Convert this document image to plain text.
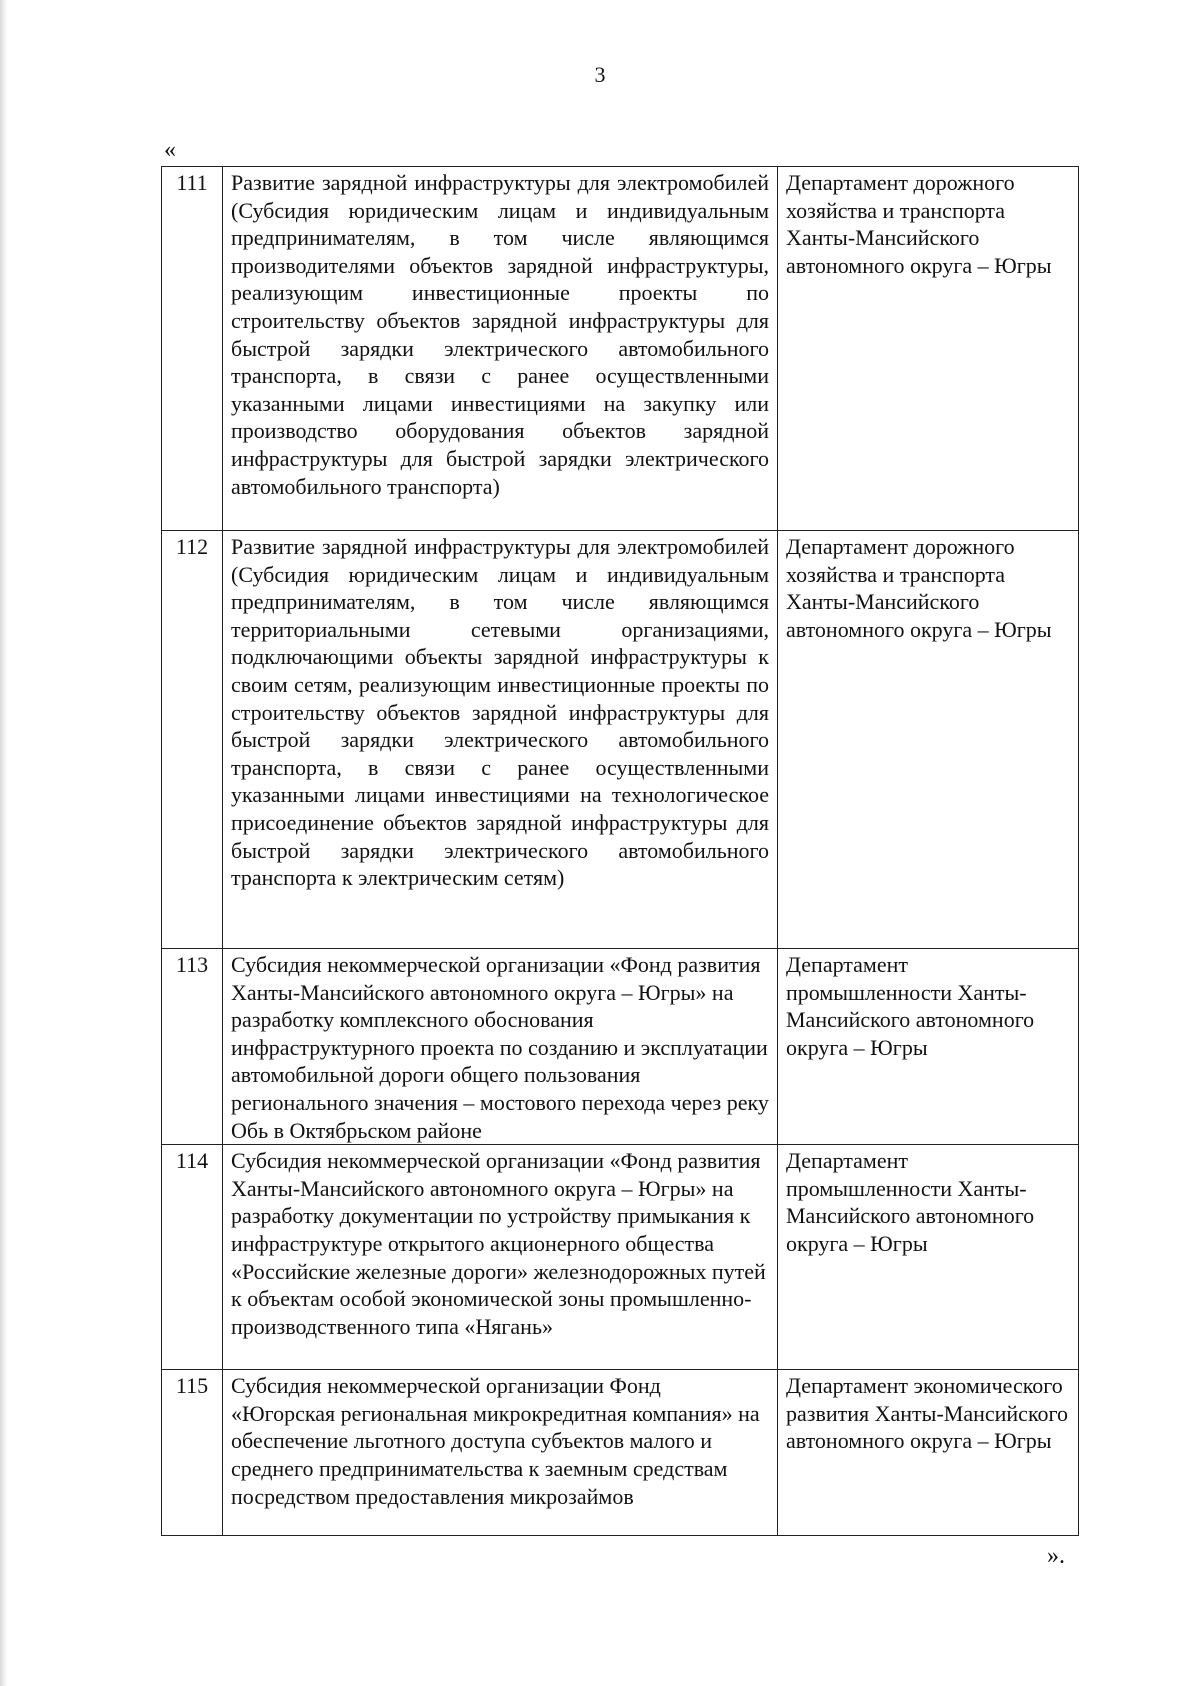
3
«
111	Развитие зарядной инфраструктуры для электромобилей (Субсидия юридическим лицам и индивидуальным предпринимателям, в том числе являющимся производителями объектов зарядной инфраструктуры, реализующим инвестиционные проекты по строительству объектов зарядной инфраструктуры для быстрой зарядки электрического автомобильного транспорта, в связи с ранее осуществленными указанными лицами инвестициями на закупку или производство оборудования объектов зарядной инфраструктуры для быстрой зарядки электрического автомобильного транспорта)	Департамент дорожного хозяйства и транспорта Ханты-Мансийского автономного округа – Югры
112	Развитие зарядной инфраструктуры для электромобилей (Субсидия юридическим лицам и индивидуальным предпринимателям, в том числе являющимся территориальными сетевыми организациями, подключающими объекты зарядной инфраструктуры к своим сетям, реализующим инвестиционные проекты по строительству объектов зарядной инфраструктуры для быстрой зарядки электрического автомобильного транспорта, в связи с ранее осуществленными указанными лицами инвестициями на технологическое присоединение объектов зарядной инфраструктуры для быстрой зарядки электрического автомобильного транспорта к электрическим сетям)	Департамент дорожного хозяйства и транспорта Ханты-Мансийского автономного округа – Югры
113	Субсидия некоммерческой организации «Фонд развития Ханты-Мансийского автономного округа – Югры» на разработку комплексного обоснования инфраструктурного проекта по созданию и эксплуатации автомобильной дороги общего пользования регионального значения – мостового перехода через реку Обь в Октябрьском районе	Департамент промышленности Ханты-Мансийского автономного округа – Югры
114	Субсидия некоммерческой организации «Фонд развития Ханты-Мансийского автономного округа – Югры» на разработку документации по устройству примыкания к инфраструктуре открытого акционерного общества «Российские железные дороги» железнодорожных путей к объектам особой экономической зоны промышленно-производственного типа «Нягань»	Департамент промышленности Ханты-Мансийского автономного округа – Югры
115	Субсидия некоммерческой организации Фонд «Югорская региональная микрокредитная компания» на обеспечение льготного доступа субъектов малого и среднего предпринимательства к заемным средствам посредством предоставления микрозаймов	Департамент экономического развития Ханты-Мансийского автономного округа – Югры
».
